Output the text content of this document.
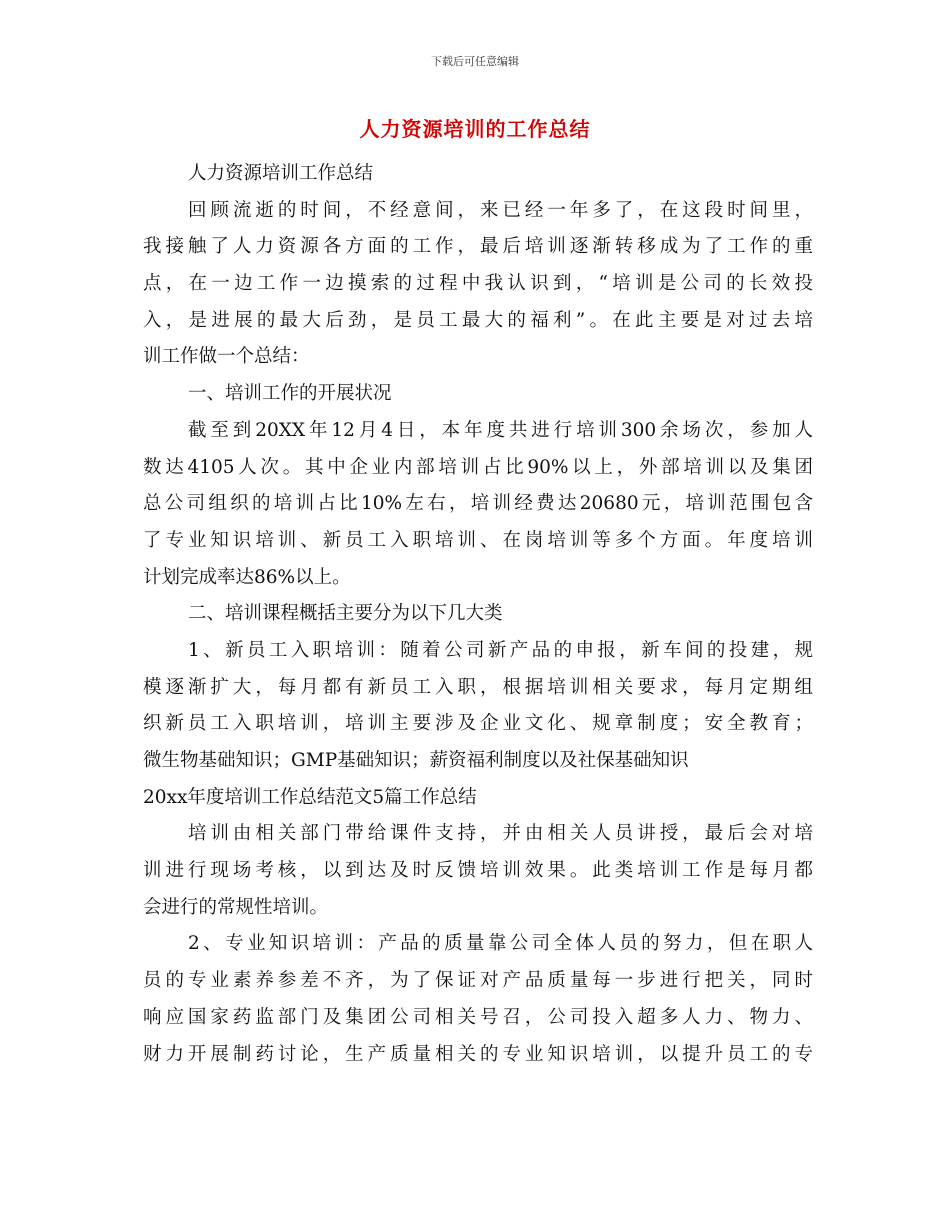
下载后可任意编辑
人力资源培训的工作总结
人力资源培训工作总结
回顾流逝的时间，不经意间，来已经一年多了，在这段时间里，
我接触了人力资源各方面的工作，最后培训逐渐转移成为了工作的重
点，在一边工作一边摸索的过程中我认识到，“培训是公司的长效投
入，是进展的最大后劲，是员工最大的福利”。在此主要是对过去培
训工作做一个总结：
一、培训工作的开展状况
截至到20XX年12月4日，本年度共进行培训300余场次，参加人
数达4105人次。其中企业内部培训占比90%以上，外部培训以及集团
总公司组织的培训占比10%左右，培训经费达20680元，培训范围包含
了专业知识培训、新员工入职培训、在岗培训等多个方面。年度培训
计划完成率达86%以上。
二、培训课程概括主要分为以下几大类
1、新员工入职培训：随着公司新产品的申报，新车间的投建，规
模逐渐扩大，每月都有新员工入职，根据培训相关要求，每月定期组
织新员工入职培训，培训主要涉及企业文化、规章制度；安全教育；
微生物基础知识；GMP基础知识；薪资福利制度以及社保基础知识
20xx年度培训工作总结范文5篇工作总结
培训由相关部门带给课件支持，并由相关人员讲授，最后会对培
训进行现场考核，以到达及时反馈培训效果。此类培训工作是每月都
会进行的常规性培训。
2、专业知识培训：产品的质量靠公司全体人员的努力，但在职人
员的专业素养参差不齐，为了保证对产品质量每一步进行把关，同时
响应国家药监部门及集团公司相关号召，公司投入超多人力、物力、
财力开展制药讨论，生产质量相关的专业知识培训，以提升员工的专
